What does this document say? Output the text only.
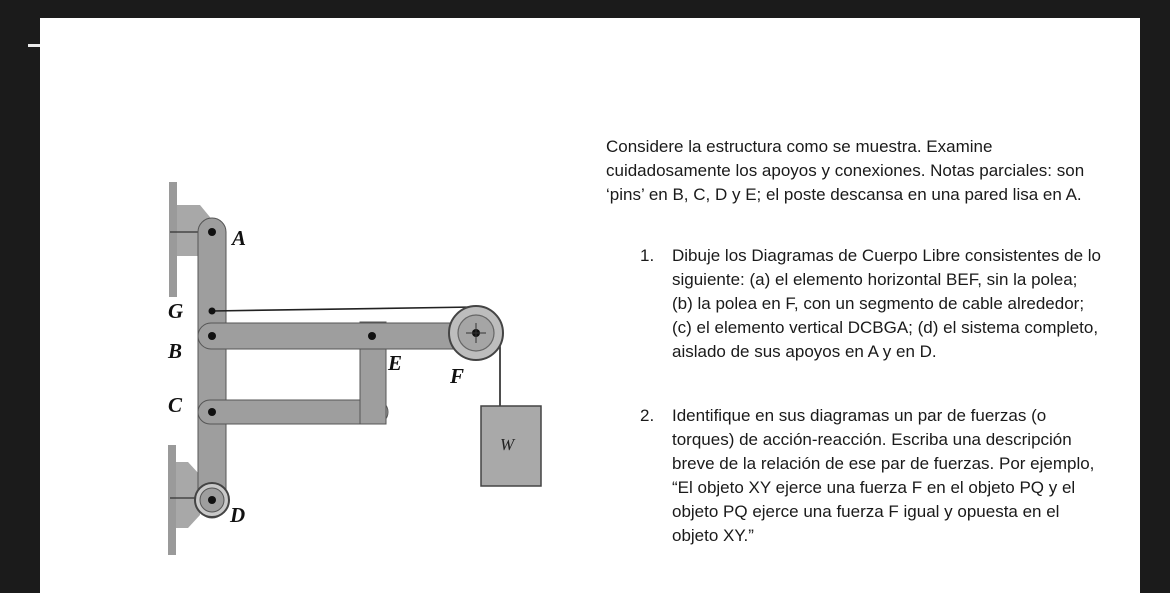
A
G
B	E
F
C
D
W

Considere la estructura como se muestra. Examine cuidadosamente los apoyos y conexiones. Notas parciales: son ‘pins’ en B, C, D y E; el poste descansa en una pared lisa en A.

1. Dibuje los Diagramas de Cuerpo Libre consistentes de lo siguiente: (a) el elemento horizontal BEF, sin la polea; (b) la polea en F, con un segmento de cable alrededor; (c) el elemento vertical DCBGA; (d) el sistema completo, aislado de sus apoyos en A y en D.
2. Identifique en sus diagramas un par de fuerzas (o torques) de acción-reacción. Escriba una descripción breve de la relación de ese par de fuerzas. Por ejemplo, “El objeto XY ejerce una fuerza F en el objeto PQ y el objeto PQ ejerce una fuerza F igual y opuesta en el objeto XY.”
